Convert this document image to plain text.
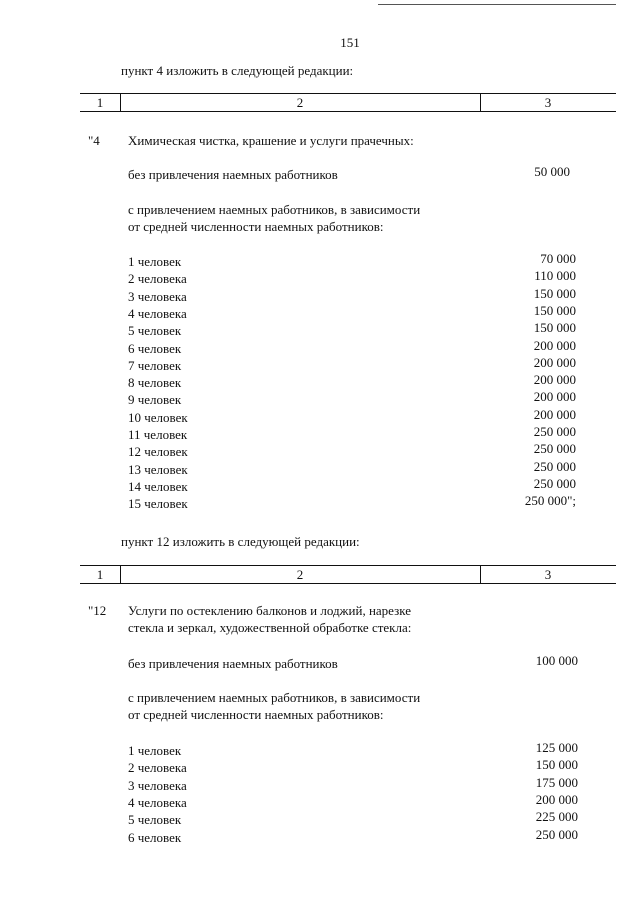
151
пункт 4 изложить в следующей редакции:
1	2	3
"4 Химическая чистка, крашение и услуги прачечных:
без привлечения наемных работников	50 000
с привлечением наемных работников, в зависимости
от средней численности наемных работников:
1 человек	70 000
2 человека	110 000
3 человека	150 000
4 человека	150 000
5 человек	150 000
6 человек	200 000
7 человек	200 000
8 человек	200 000
9 человек	200 000
10 человек	200 000
11 человек	250 000
12 человек	250 000
13 человек	250 000
14 человек	250 000
15 человек	250 000";
пункт 12 изложить в следующей редакции:
1	2	3
"12 Услуги по остеклению балконов и лоджий, нарезке
стекла и зеркал, художественной обработке стекла:
без привлечения наемных работников	100 000
с привлечением наемных работников, в зависимости
от средней численности наемных работников:
1 человек	125 000
2 человека	150 000
3 человека	175 000
4 человека	200 000
5 человек	225 000
6 человек	250 000
